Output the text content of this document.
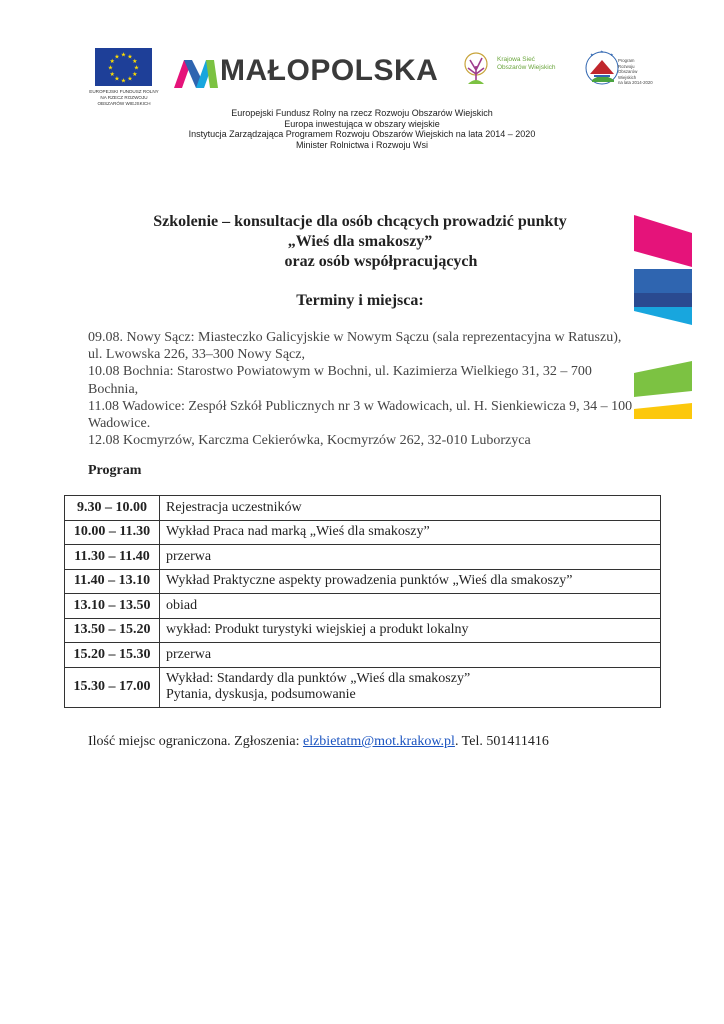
★ ★
★
★
★
★
★
★
★
★
★
★
EUROPEJSKI FUNDUSZ ROLNY
NA RZECZ ROZWOJU
OBSZARÓW WIEJSKICH
MAŁOPOLSKA	Krajowa Sieć
Obszarów Wiejskich
★
★
★
Program
Rozwoju
Obszarów
Wiejskich
na lata 2014-2020
Europejski Fundusz Rolny na rzecz Rozwoju Obszarów Wiejskich
Europa inwestująca w obszary wiejskie
Instytucja Zarządzająca Programem Rozwoju Obszarów Wiejskich na lata 2014 – 2020
Minister Rolnictwa i Rozwoju Wsi
Szkolenie – konsultacje dla osób chcących prowadzić punkty
„Wieś dla smakoszy”
oraz osób współpracujących
Terminy i miejsca:
09.08. Nowy Sącz: Miasteczko Galicyjskie w Nowym Sączu (sala reprezentacyjna w Ratuszu), ul. Lwowska 226, 33–300 Nowy Sącz,
10.08 Bochnia: Starostwo Powiatowym w Bochni, ul. Kazimierza Wielkiego 31, 32 – 700 Bochnia,
11.08 Wadowice: Zespół Szkół Publicznych nr 3 w Wadowicach, ul. H. Sienkiewicza 9, 34 – 100 Wadowice.
12.08 Kocmyrzów, Karczma Cekierówka, Kocmyrzów 262, 32-010 Luborzyca
Program
9.30 – 10.00	Rejestracja uczestników
10.00 – 11.30	Wykład Praca nad marką „Wieś dla smakoszy”
11.30 – 11.40	przerwa
11.40 – 13.10	Wykład Praktyczne aspekty prowadzenia punktów „Wieś dla smakoszy”
13.10 – 13.50	obiad
13.50 – 15.20	wykład: Produkt turystyki wiejskiej a produkt lokalny
15.20 – 15.30	przerwa
15.30 – 17.00	Wykład: Standardy dla punktów „Wieś dla smakoszy”
Pytania, dyskusja, podsumowanie
Ilość miejsc ograniczona. Zgłoszenia: elzbietatm@mot.krakow.pl. Tel. 501411416
